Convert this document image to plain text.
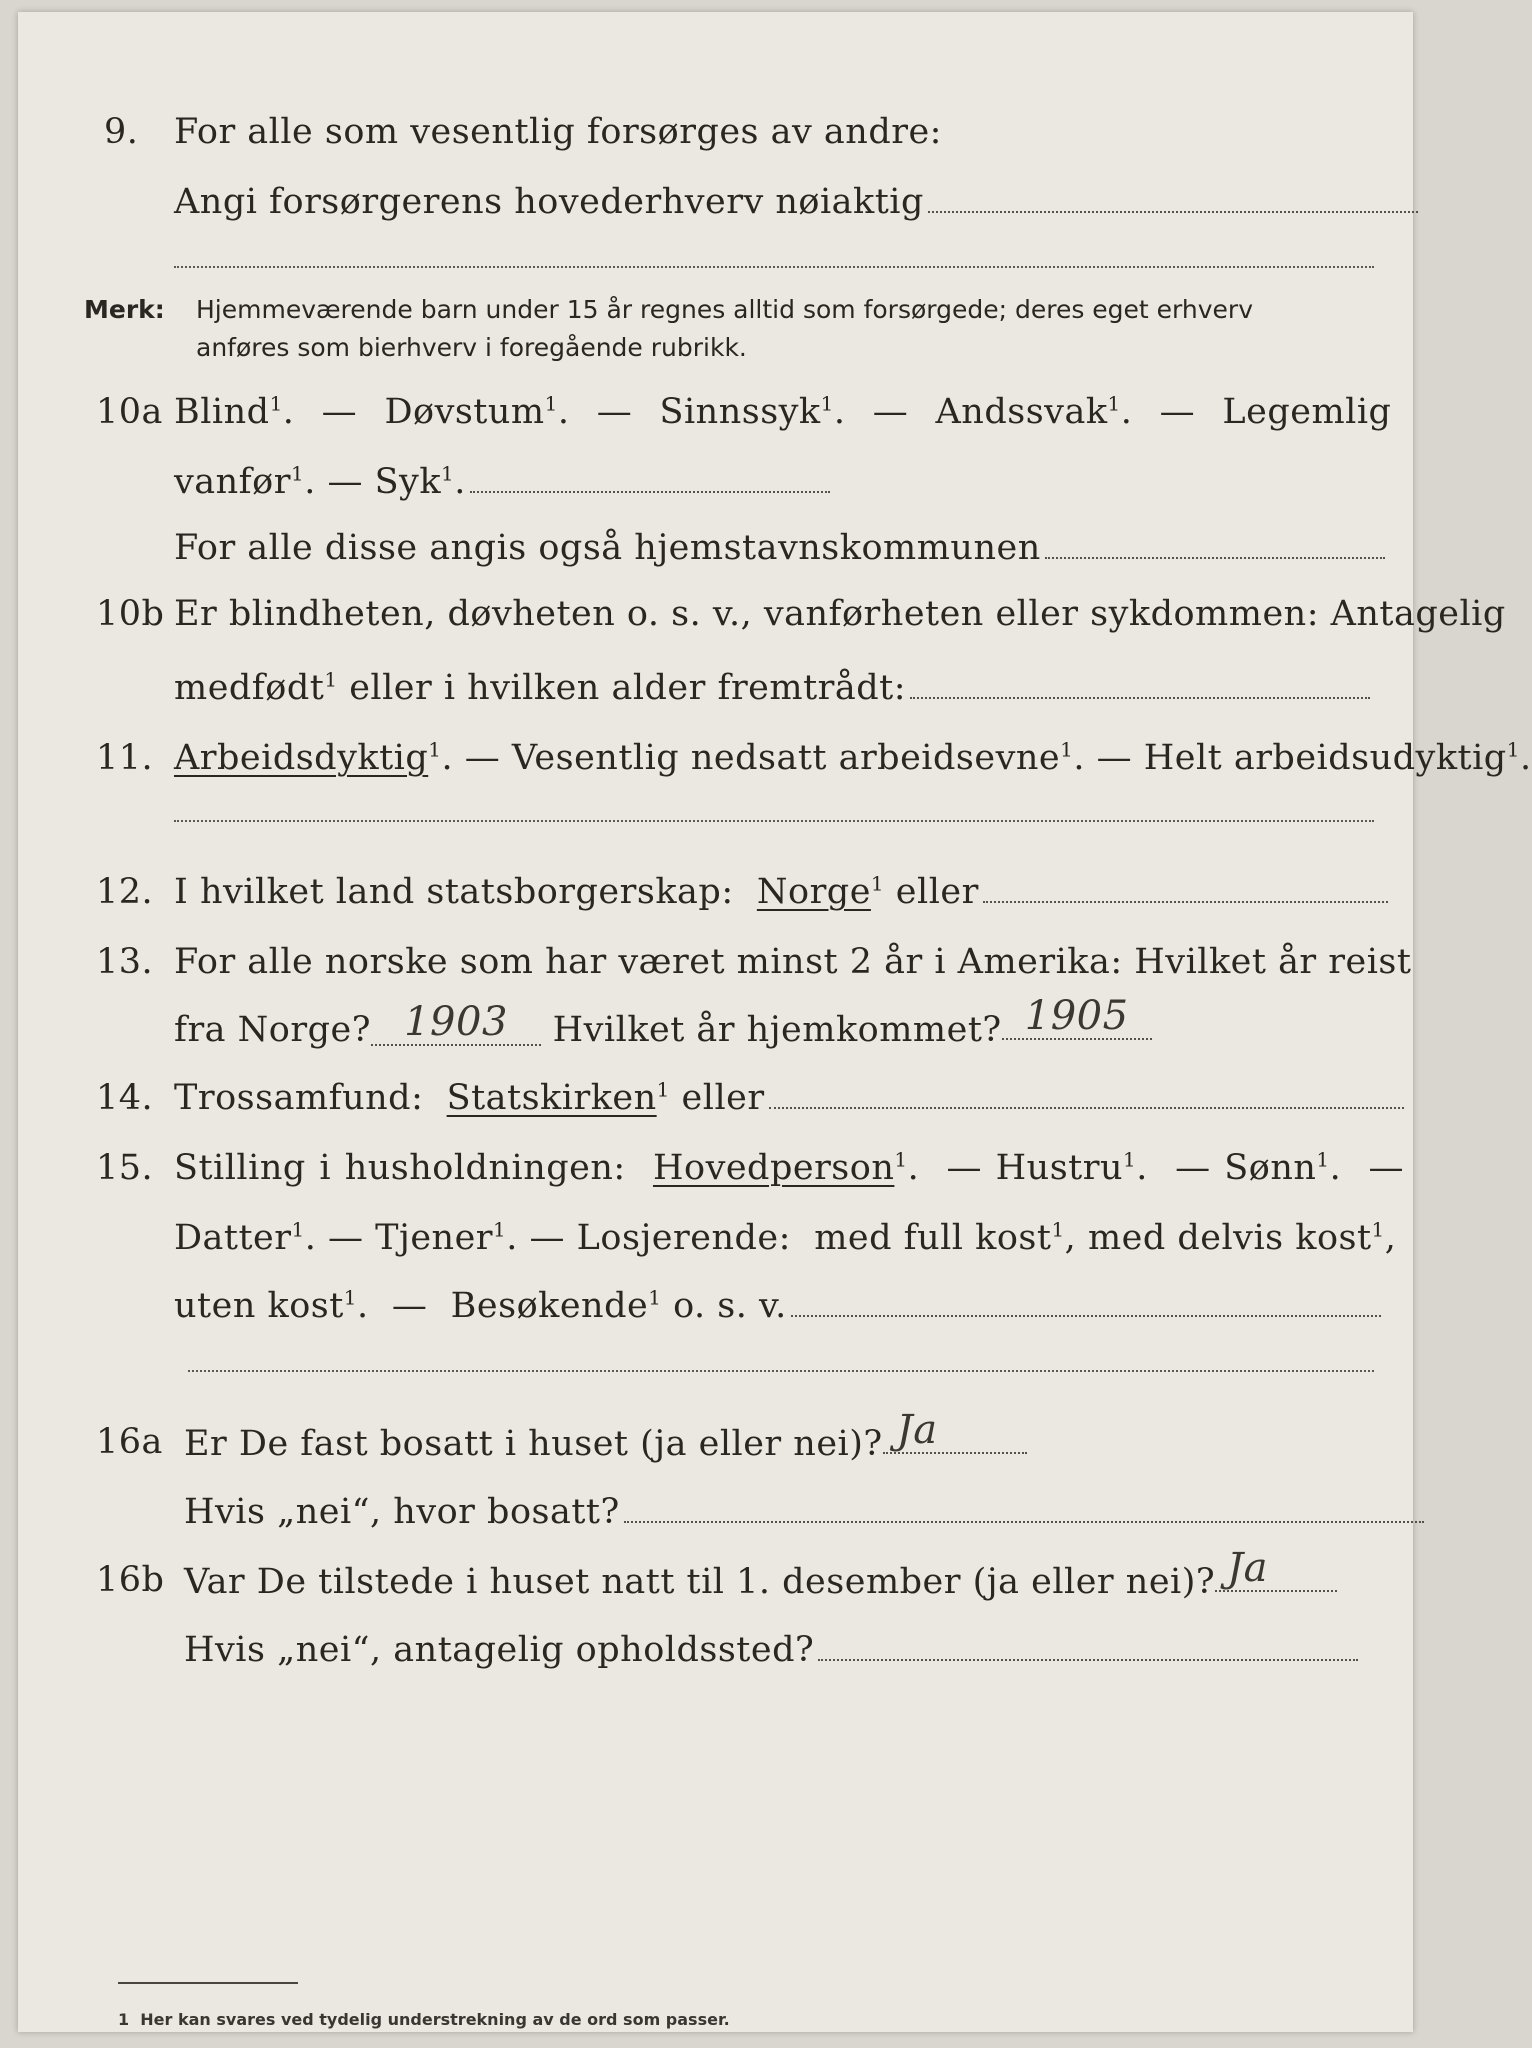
9. For alle som vesentlig forsørges av andre:
Angi forsørgerens hovederhverv nøiaktig
Merk: Hjemmeværende barn under 15 år regnes alltid som forsørgede; deres eget erhverv
anføres som bierhverv i foregående rubrikk.
10a Blind$^1$.  —  Døvstum$^1$.  —  Sinnssyk$^1$.  —  Andssvak$^1$.  —  Legemlig
vanfør$^1$. — Syk$^1$.
For alle disse angis også hjemstavnskommunen
10b Er blindheten, døvheten o. s. v., vanførheten eller sykdommen: Antagelig
medfødt$^1$ eller i hvilken alder fremtrådt:
11. Arbeidsdyktig$^1$. — Vesentlig nedsatt arbeidsevne$^1$. — Helt arbeidsudyktig$^1$.
12. I hvilket land statsborgerskap: Norge$^1$ eller
13. For alle norske som har været minst 2 år i Amerika: Hvilket år reist
fra Norge? 1903 Hvilket år hjemkommet? 1905
14. Trossamfund: Statskirken$^1$ eller
15. Stilling i husholdningen: Hovedperson$^1$.  — Hustru$^1$.  — Sønn$^1$.  —
Datter$^1$. — Tjener$^1$. — Losjerende: med full kost$^1$, med delvis kost$^1$,
uten kost$^1$.  —  Besøkende$^1$ o. s. v.
16a Er De fast bosatt i huset (ja eller nei)? Ja
Hvis „nei“, hvor bosatt?
16b Var De tilstede i huset natt til 1. desember (ja eller nei)? Ja
Hvis „nei“, antagelig opholdssted?
1 Her kan svares ved tydelig understrekning av de ord som passer.
